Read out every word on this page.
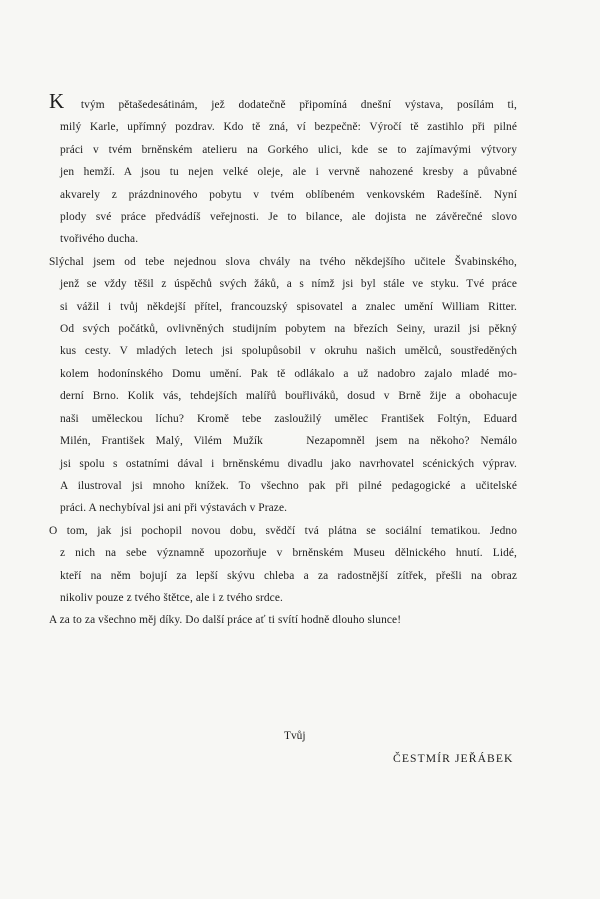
K tvým pětašedesátinám, jež dodatečně připomíná dnešní výstava, posílám ti,
milý Karle, upřímný pozdrav. Kdo tě zná, ví bezpečně: Výročí tě zastihlo při pilné
práci v tvém brněnském atelieru na Gorkého ulici, kde se to zajímavými výtvory
jen hemží. A jsou tu nejen velké oleje, ale i vervně nahozené kresby a půvabné
akvarely z prázdninového pobytu v tvém oblíbeném venkovském Radešíně. Nyní
plody své práce předvádíš veřejnosti. Je to bilance, ale dojista ne závěrečné slovo
tvořivého ducha.

Slýchal jsem od tebe nejednou slova chvály na tvého někdejšího učitele Švabinského,
jenž se vždy těšil z úspěchů svých žáků, a s nímž jsi byl stále ve styku. Tvé práce
si vážil i tvůj někdejší přítel, francouzský spisovatel a znalec umění William Ritter.
Od svých počátků, ovlivněných studijním pobytem na březích Seiny, urazil jsi pěkný
kus cesty. V mladých letech jsi spolupůsobil v okruhu našich umělců, soustředěných
kolem hodonínského Domu umění. Pak tě odlákalo a už nadobro zajalo mladé mo-
derní Brno. Kolik vás, tehdejších malířů bouřliváků, dosud v Brně žije a obohacuje
naši uměleckou líchu? Kromě tebe zasloužilý umělec František Foltýn, Eduard
Milén, František Malý, Vilém Mužík    Nezapomněl jsem na někoho? Nemálo
jsi spolu s ostatními dával i brněnskému divadlu jako navrhovatel scénických výprav.
A ilustroval jsi mnoho knížek. To všechno pak při pilné pedagogické a učitelské
práci. A nechybíval jsi ani při výstavách v Praze.

O tom, jak jsi pochopil novou dobu, svědčí tvá plátna se sociální tematikou. Jedno
z nich na sebe významně upozorňuje v brněnském Museu dělnického hnutí. Lidé,
kteří na něm bojují za lepší skývu chleba a za radostnější zítřek, přešli na obraz
nikoliv pouze z tvého štětce, ale i z tvého srdce.

A za to za všechno měj díky. Do další práce ať ti svítí hodně dlouho slunce!

Tvůj
ČESTMÍR JEŘÁBEK
